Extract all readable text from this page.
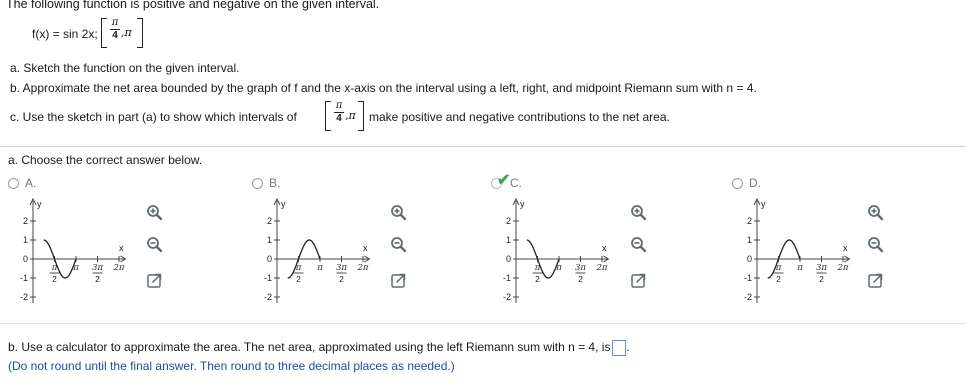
The following function is positive and negative on the given interval.
f(x) = sin 2x;
π
4 ,π
a. Sketch the function on the given interval.
b. Approximate the net area bounded by the graph of f and the x-axis on the interval using a left, right, and midpoint Riemann sum with n = 4.
c. Use the sketch in part (a) to show which intervals of
π
4 ,π make positive and negative contributions to the net area.
a. Choose the correct answer below.
A.	B.	✔ C.	D.
y
x
2
1
0
-1
-2
π
2
π 3π
2
2π
y
x
2
1
0
-1
-2
π
2
π 3π
2
2π
y
x
2
1
0
-1
-2
π
2
π 3π
2
2π
y
x
2
1
0
-1
-2
π
2
π 3π
2
2π
b. Use a calculator to approximate the area. The net area, approximated using the left Riemann sum with n = 4, is .
(Do not round until the final answer. Then round to three decimal places as needed.)
